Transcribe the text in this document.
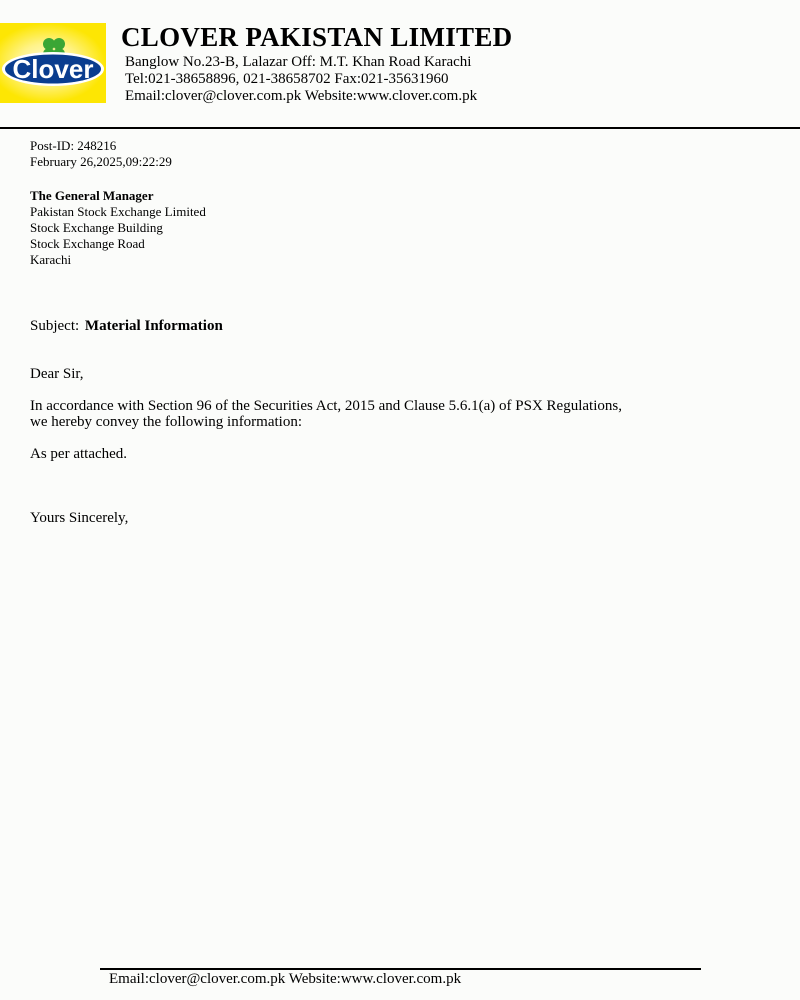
Clover
CLOVER PAKISTAN LIMITED
Banglow No.23-B, Lalazar Off: M.T. Khan Road Karachi
Tel:021-38658896, 021-38658702 Fax:021-35631960
Email:clover@clover.com.pk Website:www.clover.com.pk
Post-ID: 248216
February 26,2025,09:22:29
The General Manager
Pakistan Stock Exchange Limited
Stock Exchange Building
Stock Exchange Road
Karachi
Subject: Material Information
Dear Sir,
In accordance with Section 96 of the Securities Act, 2015 and Clause 5.6.1(a) of PSX Regulations,
we hereby convey the following information:
As per attached.
Yours Sincerely,
Email:clover@clover.com.pk Website:www.clover.com.pk
